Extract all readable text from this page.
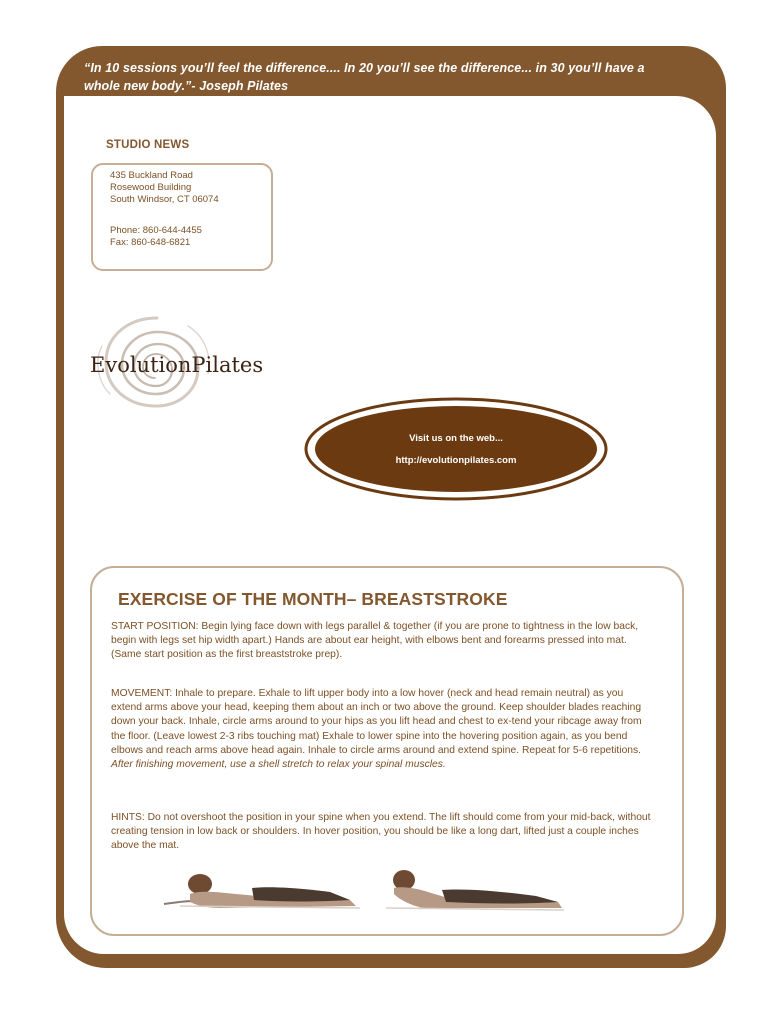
“In 10 sessions you’ll feel the difference.... In 20 you’ll see the difference... in 30 you’ll have a whole new body.”- Joseph Pilates
STUDIO NEWS
435 Buckland Road
Rosewood Building
South Windsor, CT 06074
Phone: 860-644-4455
Fax: 860-648-6821
EvolutionPilates
Visit us on the web...
http://evolutionpilates.com
EXERCISE OF THE MONTH– BREASTSTROKE
START POSITION: Begin lying face down with legs parallel & together (if you are prone to tightness in the low back, begin with legs set hip width apart.) Hands are about ear height, with elbows bent and forearms pressed into mat. (Same start position as the first breaststroke prep).
MOVEMENT: Inhale to prepare. Exhale to lift upper body into a low hover (neck and head remain neutral) as you extend arms above your head, keeping them about an inch or two above the ground. Keep shoulder blades reaching down your back. Inhale, circle arms around to your hips as you lift head and chest to ex-tend your ribcage away from the floor. (Leave lowest 2-3 ribs touching mat) Exhale to lower spine into the hovering position again, as you bend elbows and reach arms above head again. Inhale to circle arms around and extend spine. Repeat for 5-6 repetitions. After finishing movement, use a shell stretch to relax your spinal muscles.
HINTS: Do not overshoot the position in your spine when you extend. The lift should come from your mid-back, without creating tension in low back or shoulders. In hover position, you should be like a long dart, lifted just a couple inches above the mat.
